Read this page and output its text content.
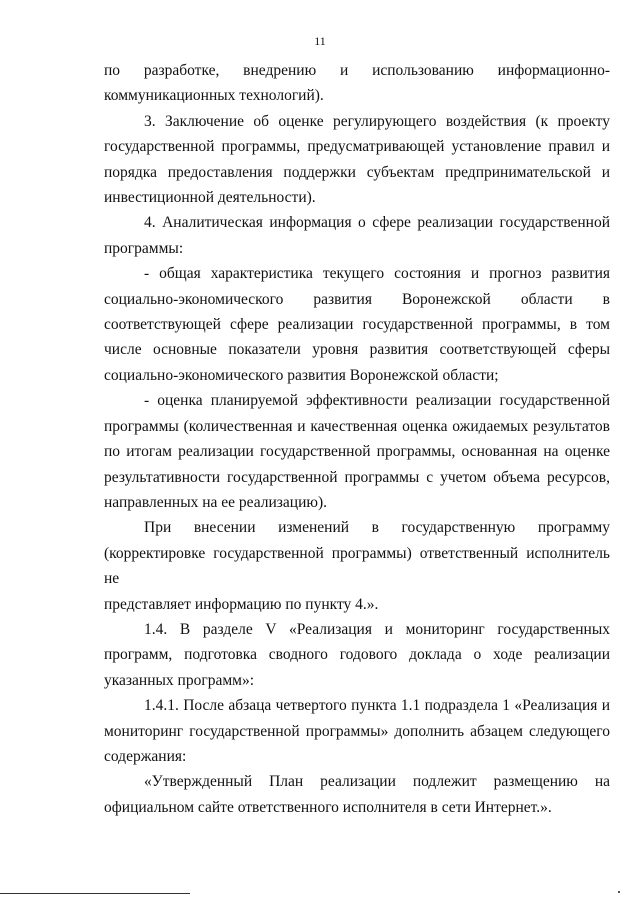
11
по разработке, внедрению и использованию информационно-
коммуникационных технологий).
3. Заключение об оценке регулирующего воздействия (к проекту
государственной программы, предусматривающей установление правил и
порядка предоставления поддержки субъектам предпринимательской и
инвестиционной деятельности).
4. Аналитическая информация о сфере реализации государственной
программы:
- общая характеристика текущего состояния и прогноз развития
социально-экономического развития Воронежской области в
соответствующей сфере реализации государственной программы, в том
числе основные показатели уровня развития соответствующей сферы
социально-экономического развития Воронежской области;
- оценка планируемой эффективности реализации государственной
программы (количественная и качественная оценка ожидаемых результатов
по итогам реализации государственной программы, основанная на оценке
результативности государственной программы с учетом объема ресурсов,
направленных на ее реализацию).
При внесении изменений в государственную программу
(корректировке государственной программы) ответственный исполнитель не
представляет информацию по пункту 4.».
1.4. В разделе V «Реализация и мониторинг государственных
программ, подготовка сводного годового доклада о ходе реализации
указанных программ»:
1.4.1. После абзаца четвертого пункта 1.1 подраздела 1 «Реализация и
мониторинг государственной программы» дополнить абзацем следующего
содержания:
«Утвержденный План реализации подлежит размещению на
официальном сайте ответственного исполнителя в сети Интернет.».
